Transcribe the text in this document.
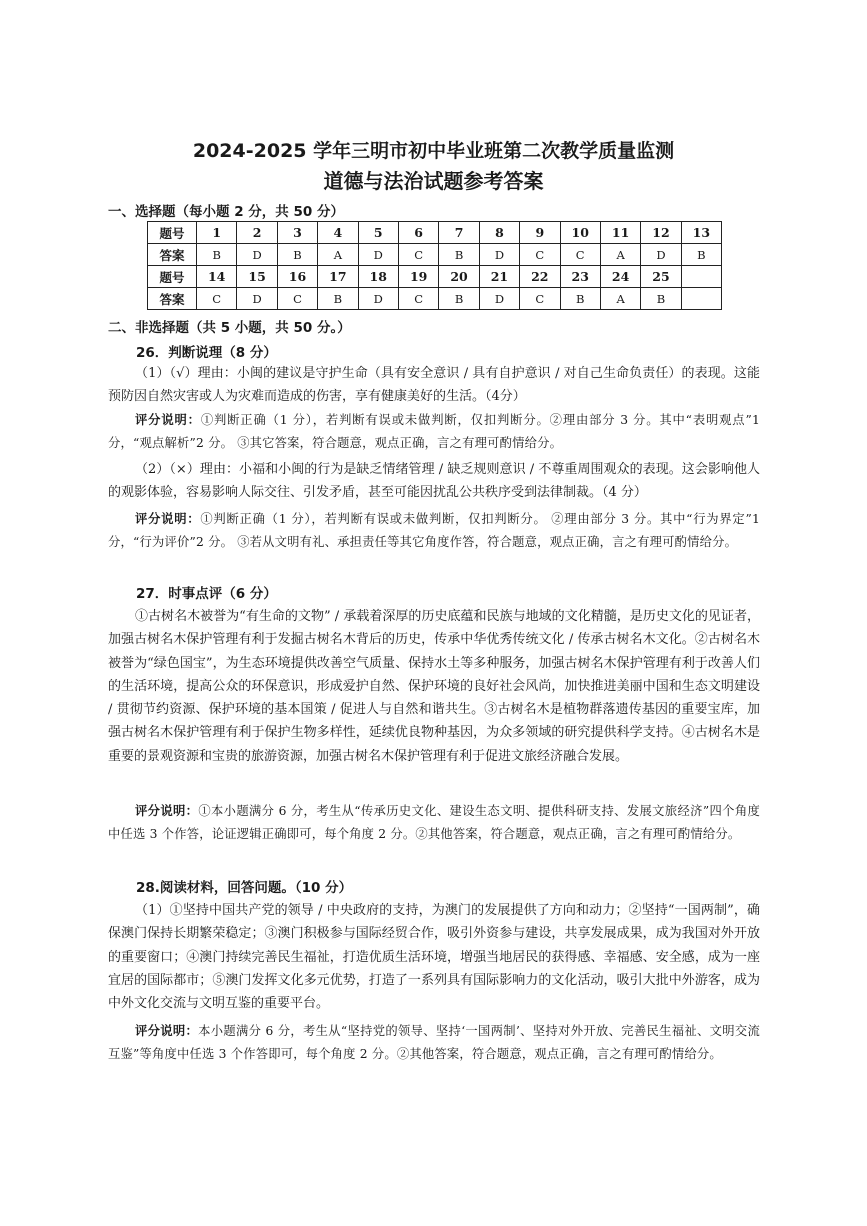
2024-2025 学年三明市初中毕业班第二次教学质量监测
道德与法治试题参考答案
一、选择题（每小题 2 分，共 50 分）
题号	1	2	3	4	5	6	7	8	9	10	11	12	13
答案	B	D	B	A	D	C	B	D	C	C	A	D	B
题号	14	15	16	17	18	19	20	21	22	23	24	25	
答案	C	D	C	B	D	C	B	D	C	B	A	B	
二、非选择题（共 5 小题，共 50 分。）
26．判断说理（8 分）
（1）（√）理由：小闽的建议是守护生命（具有安全意识 / 具有自护意识 / 对自己生命负责任）的表现。这能预防因自然灾害或人为灾难而造成的伤害，享有健康美好的生活。（4分）
评分说明：①判断正确（1 分），若判断有误或未做判断，仅扣判断分。②理由部分 3 分。其中“表明观点”1 分，“观点解析”2 分。 ③其它答案，符合题意，观点正确，言之有理可酌情给分。
（2）（×）理由：小福和小闽的行为是缺乏情绪管理 / 缺乏规则意识 / 不尊重周围观众的表现。这会影响他人的观影体验，容易影响人际交往、引发矛盾，甚至可能因扰乱公共秩序受到法律制裁。（4 分）
评分说明：①判断正确（1 分），若判断有误或未做判断，仅扣判断分。 ②理由部分 3 分。其中“行为界定”1 分，“行为评价”2 分。 ③若从文明有礼、承担责任等其它角度作答，符合题意，观点正确，言之有理可酌情给分。
27．时事点评（6 分）
①古树名木被誉为“有生命的文物” / 承载着深厚的历史底蕴和民族与地域的文化精髓，是历史文化的见证者，加强古树名木保护管理有利于发掘古树名木背后的历史，传承中华优秀传统文化 / 传承古树名木文化。②古树名木被誉为“绿色国宝”，为生态环境提供改善空气质量、保持水土等多种服务，加强古树名木保护管理有利于改善人们的生活环境，提高公众的环保意识，形成爱护自然、保护环境的良好社会风尚，加快推进美丽中国和生态文明建设 / 贯彻节约资源、保护环境的基本国策 / 促进人与自然和谐共生。③古树名木是植物群落遗传基因的重要宝库，加强古树名木保护管理有利于保护生物多样性，延续优良物种基因，为众多领域的研究提供科学支持。④古树名木是重要的景观资源和宝贵的旅游资源，加强古树名木保护管理有利于促进文旅经济融合发展。
评分说明：①本小题满分 6 分，考生从“传承历史文化、建设生态文明、提供科研支持、发展文旅经济”四个角度中任选 3 个作答，论证逻辑正确即可，每个角度 2 分。②其他答案，符合题意，观点正确，言之有理可酌情给分。
28.阅读材料，回答问题。（10 分）
（1）①坚持中国共产党的领导 / 中央政府的支持，为澳门的发展提供了方向和动力；②坚持“一国两制”，确保澳门保持长期繁荣稳定；③澳门积极参与国际经贸合作，吸引外资参与建设，共享发展成果，成为我国对外开放的重要窗口；④澳门持续完善民生福祉，打造优质生活环境，增强当地居民的获得感、幸福感、安全感，成为一座宜居的国际都市；⑤澳门发挥文化多元优势，打造了一系列具有国际影响力的文化活动，吸引大批中外游客，成为中外文化交流与文明互鉴的重要平台。
评分说明：本小题满分 6 分，考生从“坚持党的领导、坚持‘一国两制’、坚持对外开放、完善民生福祉、文明交流互鉴”等角度中任选 3 个作答即可，每个角度 2 分。②其他答案，符合题意，观点正确，言之有理可酌情给分。
